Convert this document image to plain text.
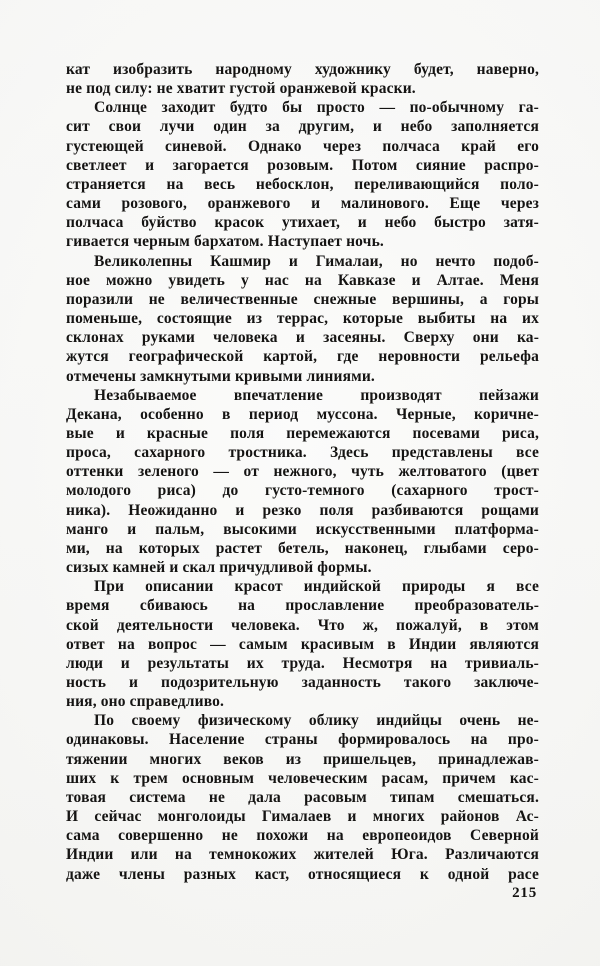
кат изобразить народному художнику будет, наверно,
не под силу: не хватит густой оранжевой краски.
Солнце заходит будто бы просто — по-обычному га-
сит свои лучи один за другим, и небо заполняется
густеющей синевой. Однако через полчаса край его
светлеет и загорается розовым. Потом сияние распро-
страняется на весь небосклон, переливающийся поло-
сами розового, оранжевого и малинового. Еще через
полчаса буйство красок утихает, и небо быстро затя-
гивается черным бархатом. Наступает ночь.
Великолепны Кашмир и Гималаи, но нечто подоб-
ное можно увидеть у нас на Кавказе и Алтае. Меня
поразили не величественные снежные вершины, а горы
поменьше, состоящие из террас, которые выбиты на их
склонах руками человека и засеяны. Сверху они ка-
жутся географической картой, где неровности рельефа
отмечены замкнутыми кривыми линиями.
Незабываемое впечатление производят пейзажи
Декана, особенно в период муссона. Черные, коричне-
вые и красные поля перемежаются посевами риса,
проса, сахарного тростника. Здесь представлены все
оттенки зеленого — от нежного, чуть желтоватого (цвет
молодого риса) до густо-темного (сахарного трост-
ника). Неожиданно и резко поля разбиваются рощами
манго и пальм, высокими искусственными платформа-
ми, на которых растет бетель, наконец, глыбами серо-
сизых камней и скал причудливой формы.
При описании красот индийской природы я все
время сбиваюсь на прославление преобразователь-
ской деятельности человека. Что ж, пожалуй, в этом
ответ на вопрос — самым красивым в Индии являются
люди и результаты их труда. Несмотря на тривиаль-
ность и подозрительную заданность такого заключе-
ния, оно справедливо.
По своему физическому облику индийцы очень не-
одинаковы. Население страны формировалось на про-
тяжении многих веков из пришельцев, принадлежав-
ших к трем основным человеческим расам, причем кас-
товая система не дала расовым типам смешаться.
И сейчас монголоиды Гималаев и многих районов Ас-
сама совершенно не похожи на европеоидов Северной
Индии или на темнокожих жителей Юга. Различаются
даже члены разных каст, относящиеся к одной расе
215
